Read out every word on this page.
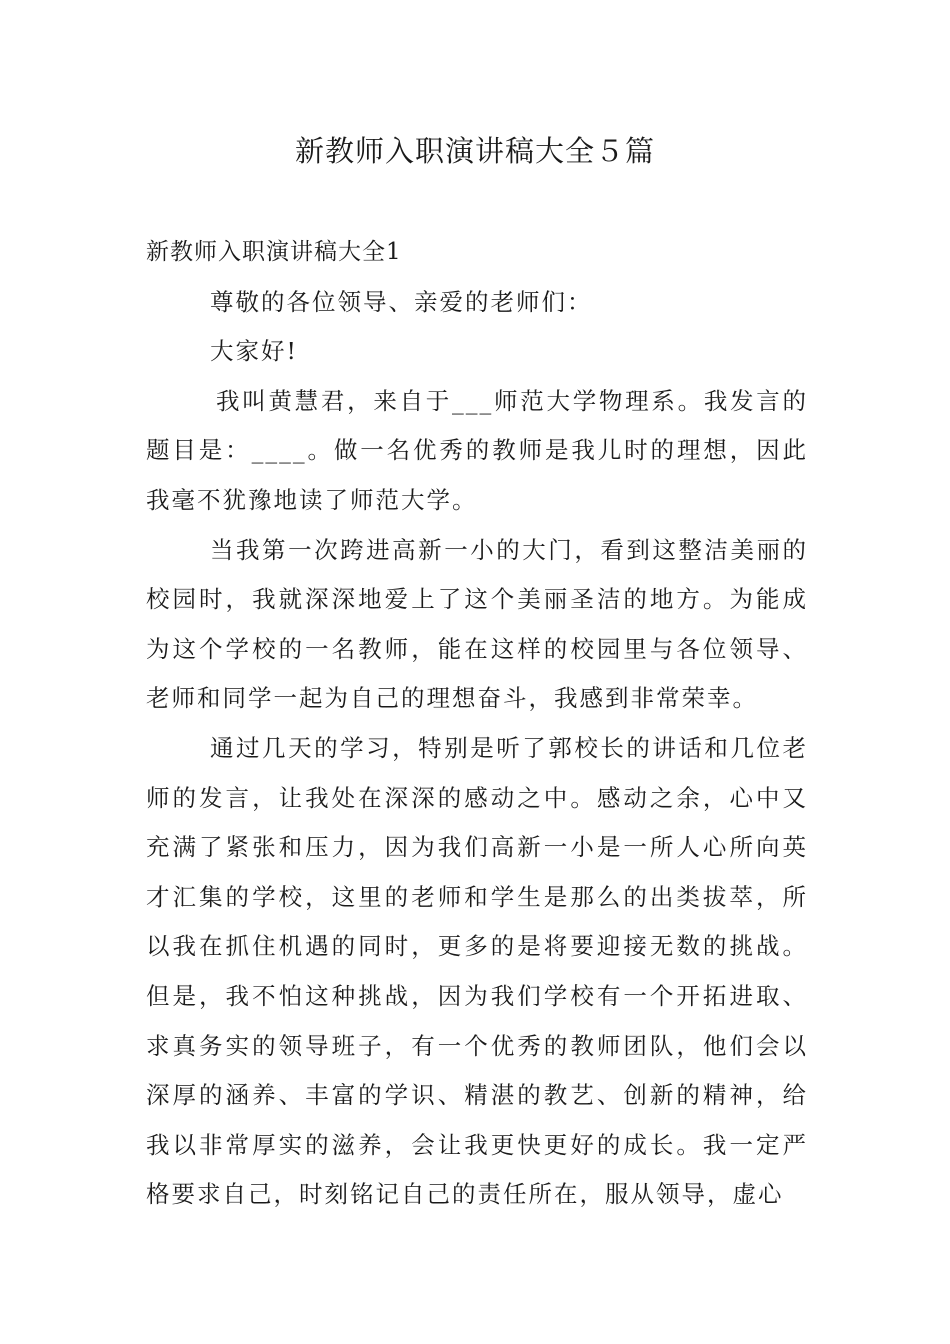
新教师入职演讲稿大全５篇

新教师入职演讲稿大全1

尊敬的各位领导、亲爱的老师们：

大家好!

我叫黄慧君，来自于___师范大学物理系。我发言的题目是：____。做一名优秀的教师是我儿时的理想，因此我毫不犹豫地读了师范大学。

当我第一次跨进高新一小的大门，看到这整洁美丽的校园时，我就深深地爱上了这个美丽圣洁的地方。为能成为这个学校的一名教师，能在这样的校园里与各位领导、老师和同学一起为自己的理想奋斗，我感到非常荣幸。

通过几天的学习，特别是听了郭校长的讲话和几位老师的发言，让我处在深深的感动之中。感动之余，心中又充满了紧张和压力，因为我们高新一小是一所人心所向英才汇集的学校，这里的老师和学生是那么的出类拔萃，所以我在抓住机遇的同时，更多的是将要迎接无数的挑战。但是，我不怕这种挑战，因为我们学校有一个开拓进取、求真务实的领导班子，有一个优秀的教师团队，他们会以深厚的涵养、丰富的学识、精湛的教艺、创新的精神，给我以非常厚实的滋养，会让我更快更好的成长。我一定严格要求自己，时刻铭记自己的责任所在，服从领导，虚心
